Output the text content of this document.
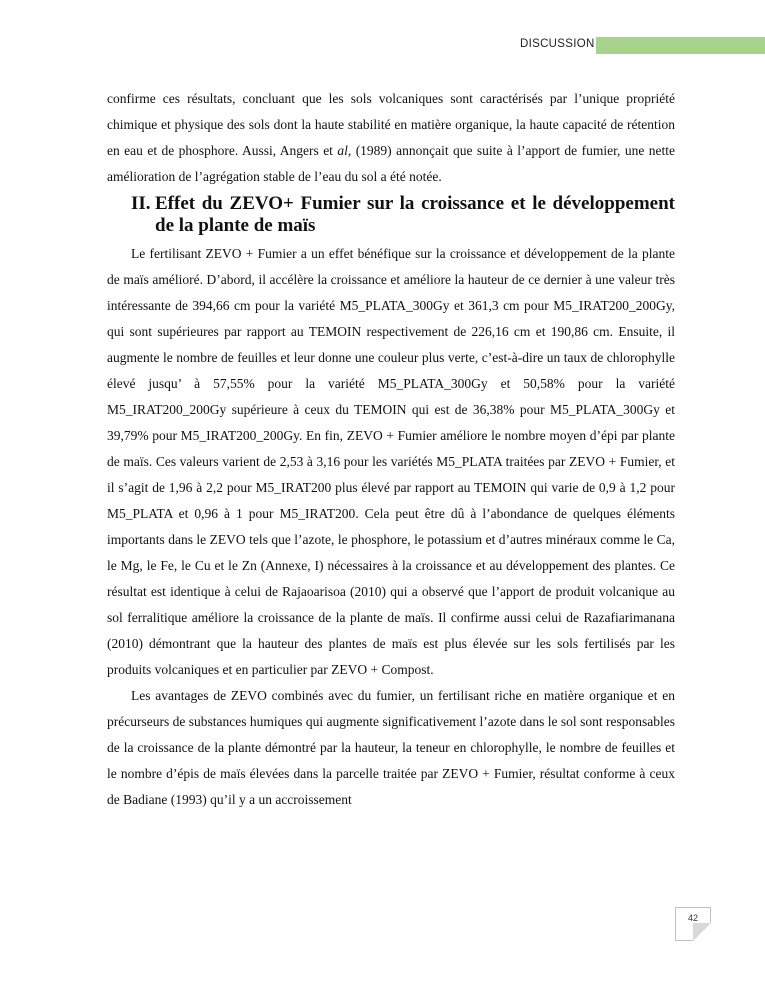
DISCUSSION

confirme ces résultats, concluant que les sols volcaniques sont caractérisés par l’unique propriété chimique et physique des sols dont la haute stabilité en matière organique, la haute capacité de rétention en eau et de phosphore. Aussi, Angers et al, (1989) annonçait que suite à l’apport de fumier, une nette amélioration de l’agrégation stable de l’eau du sol a été notée.

II. Effet du ZEVO+ Fumier sur la croissance et le développement de la plante de maïs

Le fertilisant ZEVO + Fumier a un effet bénéfique sur la croissance et développement de la plante de maïs amélioré. D’abord, il accélère la croissance et améliore la hauteur de ce dernier à une valeur très intéressante de 394,66 cm pour la variété M5_PLATA_300Gy et 361,3 cm pour M5_IRAT200_200Gy, qui sont supérieures par rapport au TEMOIN respectivement de 226,16 cm et 190,86 cm. Ensuite, il augmente le nombre de feuilles et leur donne une couleur plus verte, c’est-à-dire un taux de chlorophylle élevé jusqu’ à 57,55% pour la variété M5_PLATA_300Gy et 50,58% pour la variété M5_IRAT200_200Gy supérieure à ceux du TEMOIN qui est de 36,38% pour M5_PLATA_300Gy et 39,79% pour M5_IRAT200_200Gy. En fin, ZEVO + Fumier améliore le nombre moyen d’épi par plante de maïs. Ces valeurs varient de 2,53 à 3,16 pour les variétés M5_PLATA traitées par ZEVO + Fumier, et il s’agit de 1,96 à 2,2 pour M5_IRAT200 plus élevé par rapport au TEMOIN qui varie de 0,9 à 1,2 pour M5_PLATA et 0,96 à 1 pour M5_IRAT200. Cela peut être dû à l’abondance de quelques éléments importants dans le ZEVO tels que l’azote, le phosphore, le potassium et d’autres minéraux comme le Ca, le Mg, le Fe, le Cu et le Zn (Annexe, I) nécessaires à la croissance et au développement des plantes. Ce résultat est identique à celui de Rajaoarisoa (2010) qui a observé que l’apport de produit volcanique au sol ferralitique améliore la croissance de la plante de maïs. Il confirme aussi celui de Razafiarimanana (2010) démontrant que la hauteur des plantes de maïs est plus élevée sur les sols fertilisés par les produits volcaniques et en particulier par ZEVO + Compost.

Les avantages de ZEVO combinés avec du fumier, un fertilisant riche en matière organique et en précurseurs de substances humiques qui augmente significativement l’azote dans le sol sont responsables de la croissance de la plante démontré par la hauteur, la teneur en chlorophylle, le nombre de feuilles et le nombre d’épis de maïs élevées dans la parcelle traitée par ZEVO + Fumier, résultat conforme à ceux de Badiane (1993) qu’il y a un accroissement

42
